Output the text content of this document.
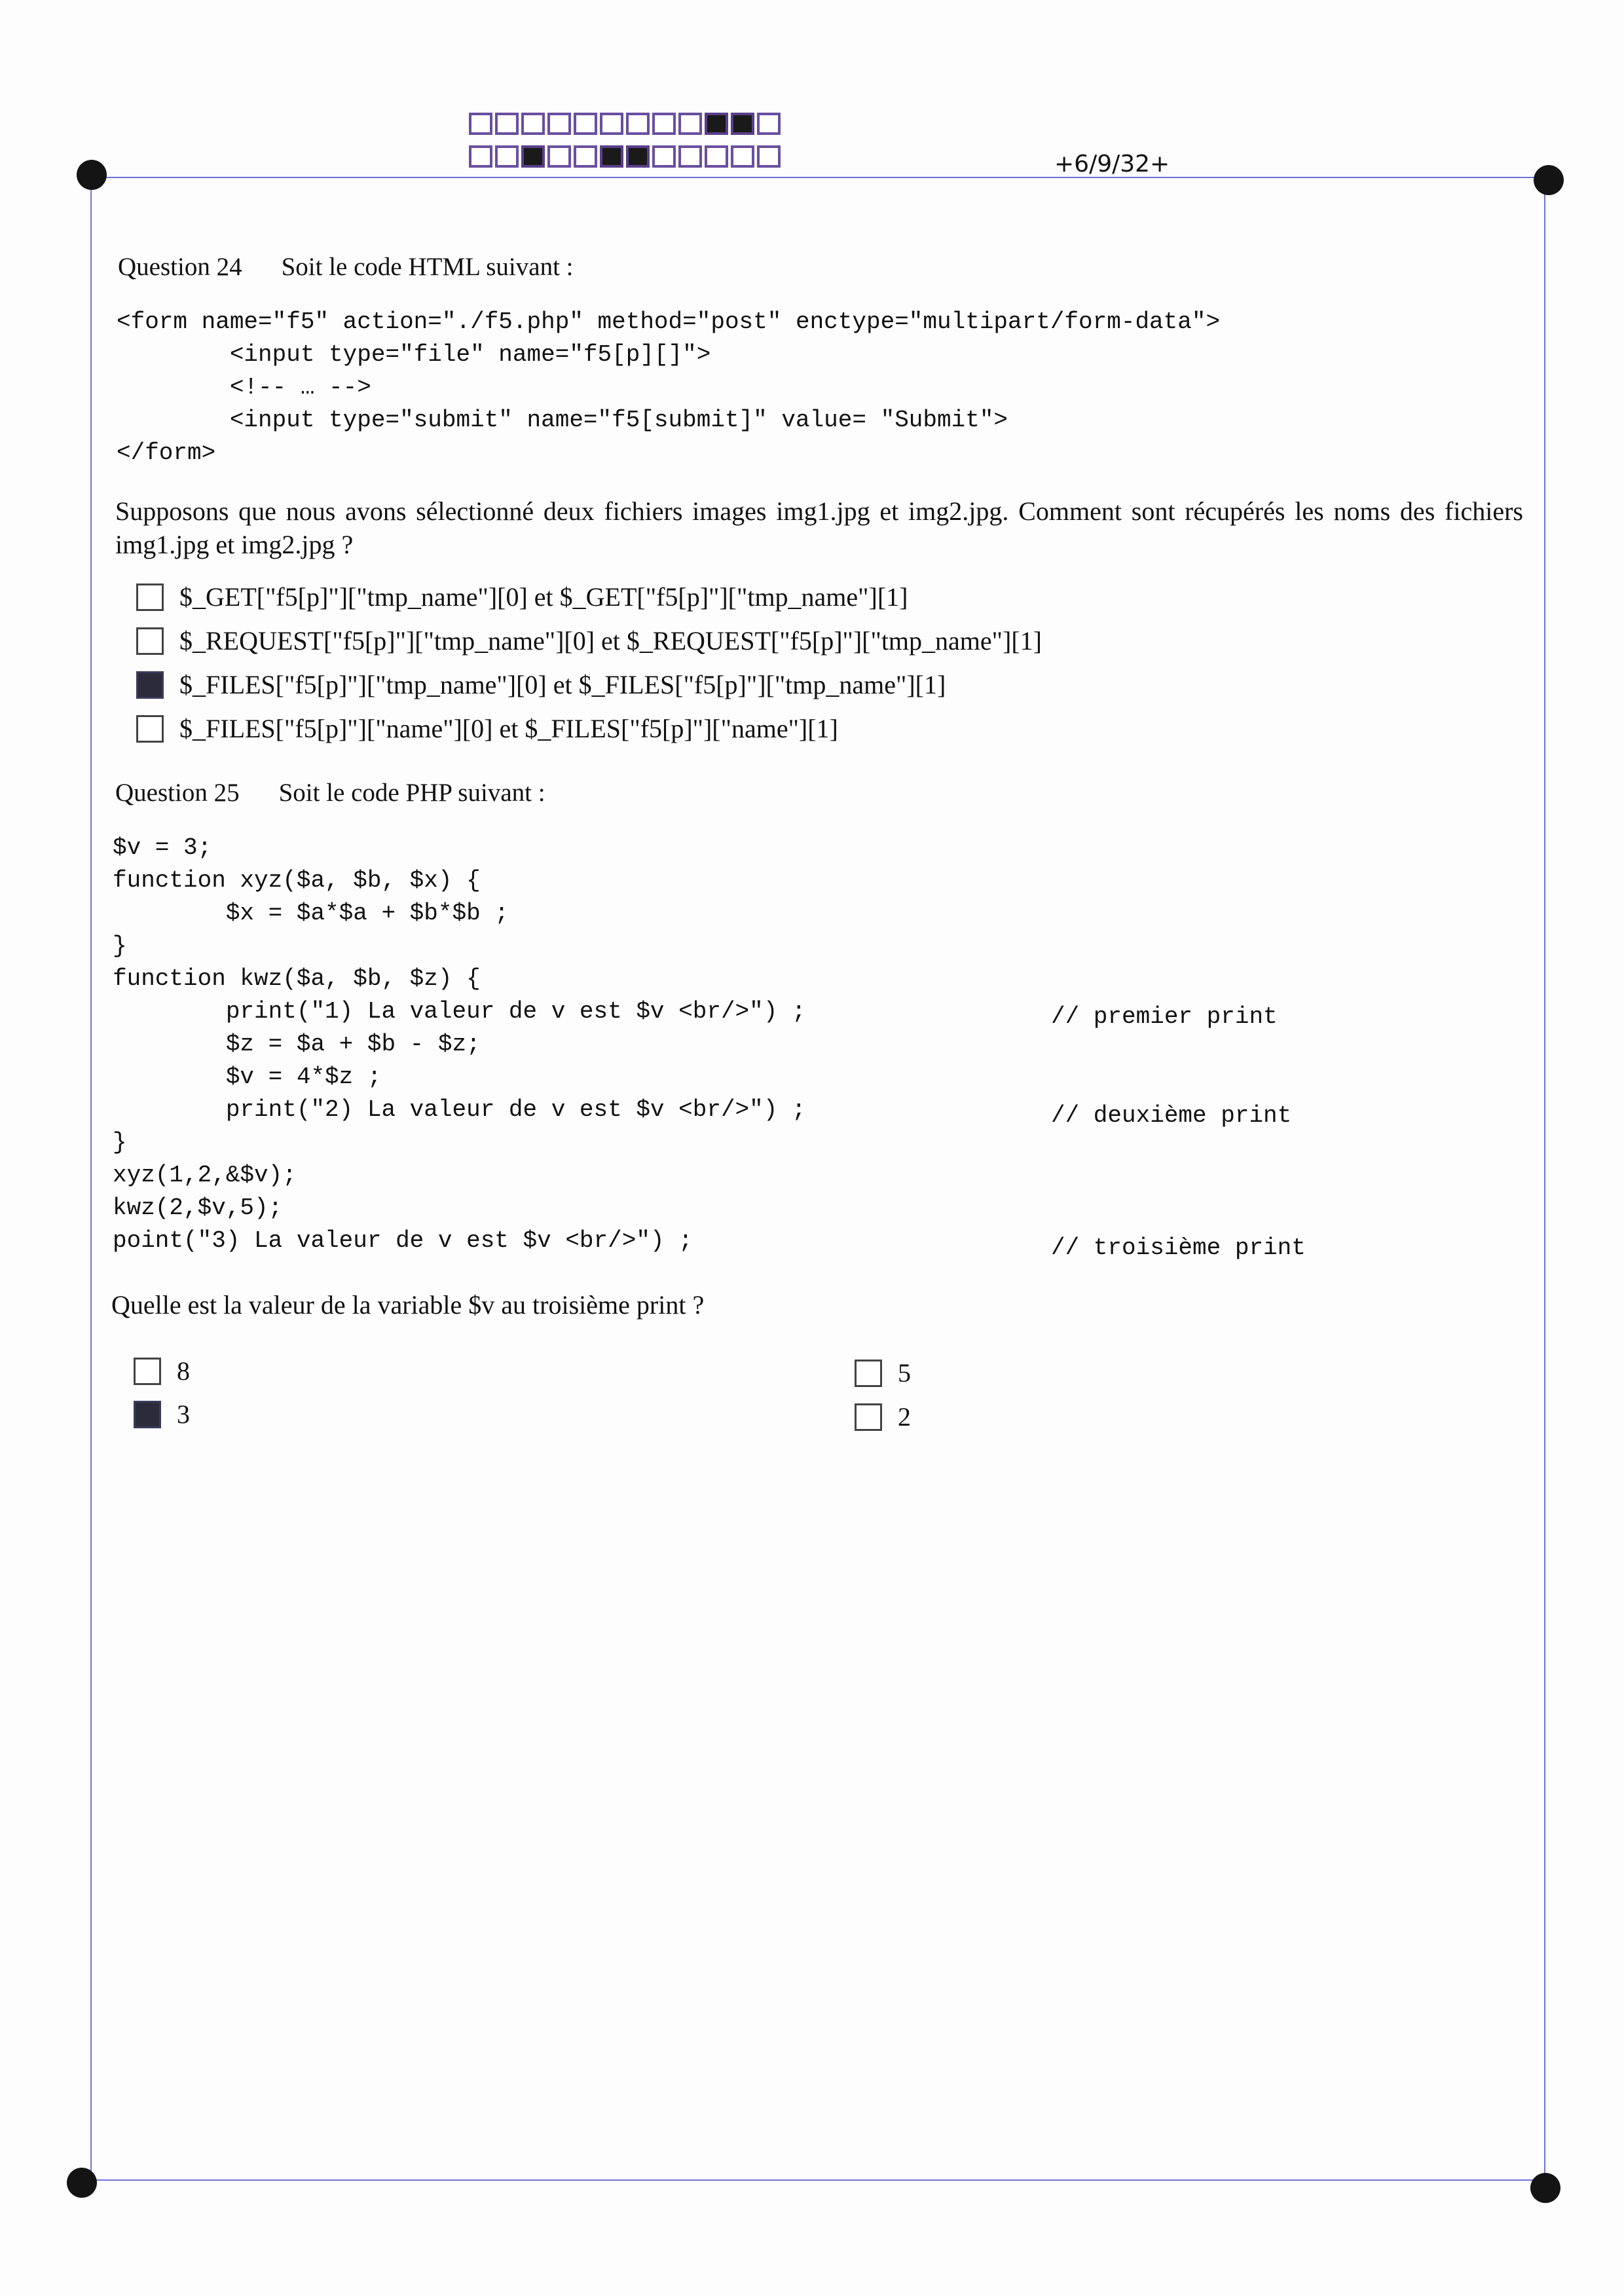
+6/9/32+
Question 24 Soit le code HTML suivant :
<form name="f5" action="./f5.php" method="post" enctype="multipart/form-data">
<input type="file" name="f5[p][]">
<!-- … -->
<input type="submit" name="f5[submit]" value= "Submit">
</form>
Supposons que nous avons sélectionné deux fichiers images img1.jpg et img2.jpg. Comment sont récupérés les noms des fichiers img1.jpg et img2.jpg ?
$_GET["f5[p]"]["tmp_name"][0] et $_GET["f5[p]"]["tmp_name"][1]
$_REQUEST["f5[p]"]["tmp_name"][0] et $_REQUEST["f5[p]"]["tmp_name"][1]
$_FILES["f5[p]"]["tmp_name"][0] et $_FILES["f5[p]"]["tmp_name"][1]
$_FILES["f5[p]"]["name"][0] et $_FILES["f5[p]"]["name"][1]
Question 25 Soit le code PHP suivant :
$v = 3;
function xyz($a, $b, $x) {
$x = $a*$a + $b*$b ;
}
function kwz($a, $b, $z) {
print("1) La valeur de v est $v <br/>") ;
$z = $a + $b - $z;
$v = 4*$z ;
print("2) La valeur de v est $v <br/>") ;
}
xyz(1,2,&$v);
kwz(2,$v,5);
point("3) La valeur de v est $v <br/>") ;
// premier print
// deuxième print
// troisième print
Quelle est la valeur de la variable $v au troisième print ?
8
3
5
2
